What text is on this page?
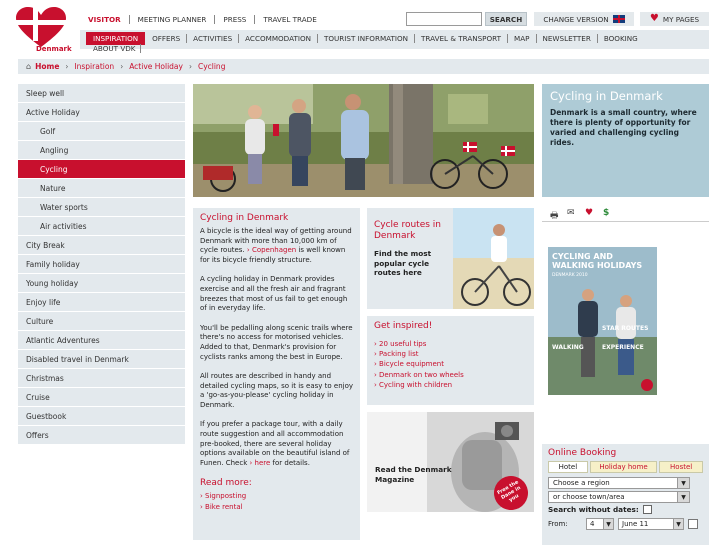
Denmark
VISITOR	MEETING PLANNER	PRESS	TRAVEL TRADE	SEARCH	CHANGE VERSION	♥ MY PAGES
INSPIRATION	OFFERS	ACTIVITIES	ACCOMMODATION	TOURIST INFORMATION	TRAVEL & TRANSPORT	MAP	NEWSLETTER	BOOKING
ABOUT VDK
⌂ Home › Inspiration › Active Holiday › Cycling
Sleep well
Active Holiday
Golf
Angling
Cycling
Nature
Water sports
Air activities
City Break
Family holiday
Young holiday
Enjoy life
Culture
Atlantic Adventures
Disabled travel in Denmark
Christmas
Cruise
Guestbook
Offers
Cycling in Denmark

Denmark is a small country, where there is plenty of opportunity for varied and challenging cycling rides.

Cycling in Denmark

A bicycle is the ideal way of getting around Denmark with more than 10,000 km of cycle routes. › Copenhagen is well known for its bicycle friendly structure.

A cycling holiday in Denmark provides exercise and all the fresh air and fragrant breezes that most of us fail to get enough of in everyday life.

You'll be pedalling along scenic trails where there's no access for motorised vehicles. Added to that, Denmark's provision for cyclists ranks among the best in Europe.

All routes are described in handy and detailed cycling maps, so it is easy to enjoy a 'go-as-you-please' cycling holiday in Denmark.

If you prefer a package tour, with a daily route suggestion and all accommodation pre-booked, there are several holiday options available on the beautiful island of Funen. Check › here for details.

Read more:
› Signposting
› Bike rental
Cycle routes in Denmark

Find the most popular cycle routes here

Get inspired!
› 20 useful tips
› Packing list
› Bicycle equipment
› Denmark on two wheels
› Cycling with children
Read the Denmark Magazine	Free the Dane in you
🖶 ✉ ♥ $
CYCLING AND WALKING HOLIDAYS
DENMARK 2010
STAR ROUTES
EXPERIENCE
WALKING
Online Booking
Hotel	Holiday home	Hostel
Choose a region	▼
or choose town/area	▼
Search without dates:
From:	4	▼	June 11	▼
